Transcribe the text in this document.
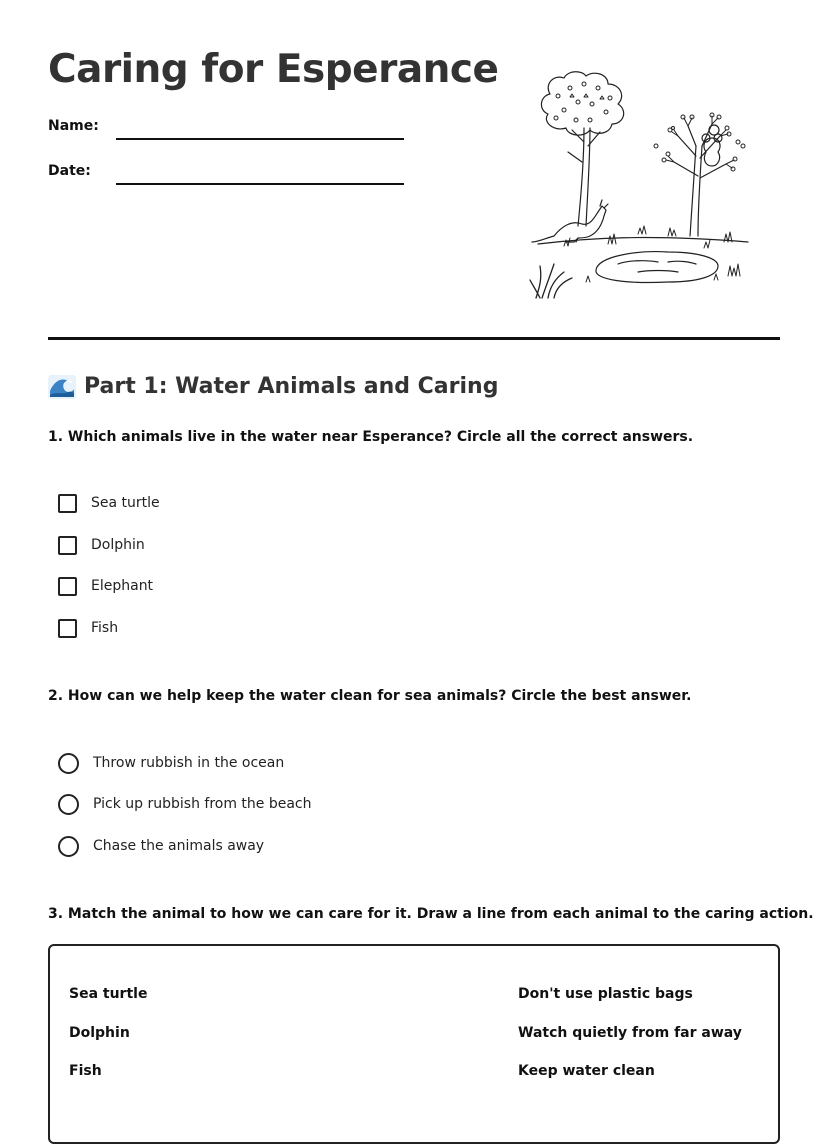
Caring for Esperance
Name:
Date:
Part 1: Water Animals and Caring

1. Which animals live in the water near Esperance? Circle all the correct answers.

Sea turtle
Dolphin
Elephant
Fish

2. How can we help keep the water clean for sea animals? Circle the best answer.

Throw rubbish in the ocean
Pick up rubbish from the beach
Chase the animals away

3. Match the animal to how we can care for it. Draw a line from each animal to the caring action.

Sea turtle
Dolphin
Fish
Don't use plastic bags
Watch quietly from far away
Keep water clean
